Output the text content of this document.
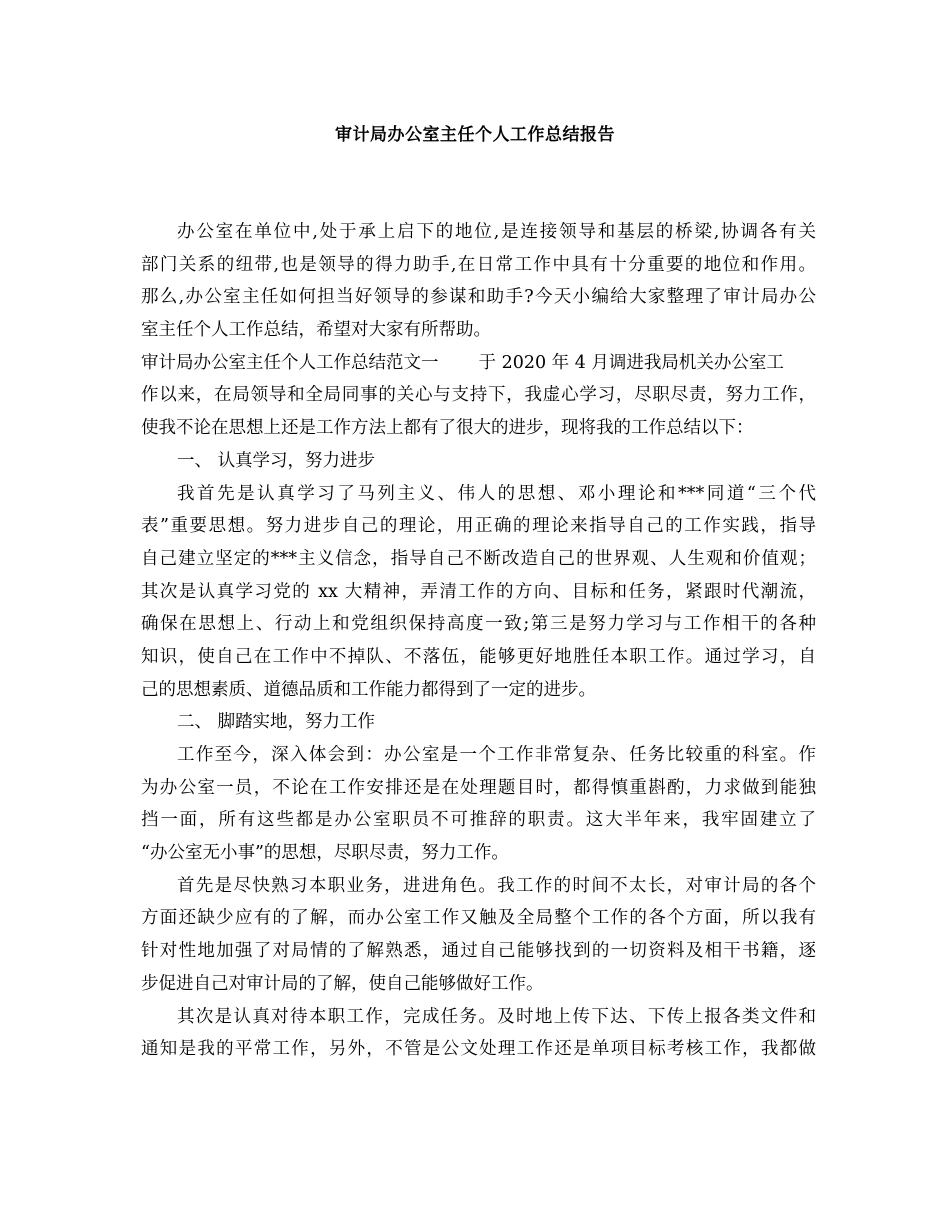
审计局办公室主任个人工作总结报告
办公室在单位中,处于承上启下的地位,是连接领导和基层的桥梁,协调各有关
部门关系的纽带,也是领导的得力助手,在日常工作中具有十分重要的地位和作用。
那么,办公室主任如何担当好领导的参谋和助手?今天小编给大家整理了审计局办公
室主任个人工作总结，希望对大家有所帮助。
审计局办公室主任个人工作总结范文一 于 2020 年 4 月调进我局机关办公室工
作以来，在局领导和全局同事的关心与支持下，我虚心学习，尽职尽责，努力工作，
使我不论在思想上还是工作方法上都有了很大的进步，现将我的工作总结以下：
一、 认真学习，努力进步
我首先是认真学习了马列主义、伟人的思想、邓小理论和***同道“三个代
表”重要思想。努力进步自己的理论，用正确的理论来指导自己的工作实践，指导
自己建立坚定的***主义信念，指导自己不断改造自己的世界观、人生观和价值观；
其次是认真学习党的 xx 大精神，弄清工作的方向、目标和任务，紧跟时代潮流，
确保在思想上、行动上和党组织保持高度一致;第三是努力学习与工作相干的各种
知识，使自己在工作中不掉队、不落伍，能够更好地胜任本职工作。通过学习，自
己的思想素质、道德品质和工作能力都得到了一定的进步。
二、 脚踏实地，努力工作
工作至今，深入体会到：办公室是一个工作非常复杂、任务比较重的科室。作
为办公室一员，不论在工作安排还是在处理题目时，都得慎重斟酌，力求做到能独
挡一面，所有这些都是办公室职员不可推辞的职责。这大半年来，我牢固建立了
“办公室无小事”的思想，尽职尽责，努力工作。
首先是尽快熟习本职业务，进进角色。我工作的时间不太长，对审计局的各个
方面还缺少应有的了解，而办公室工作又触及全局整个工作的各个方面，所以我有
针对性地加强了对局情的了解熟悉，通过自己能够找到的一切资料及相干书籍，逐
步促进自己对审计局的了解，使自己能够做好工作。
其次是认真对待本职工作，完成任务。及时地上传下达、下传上报各类文件和
通知是我的平常工作，另外，不管是公文处理工作还是单项目标考核工作，我都做
